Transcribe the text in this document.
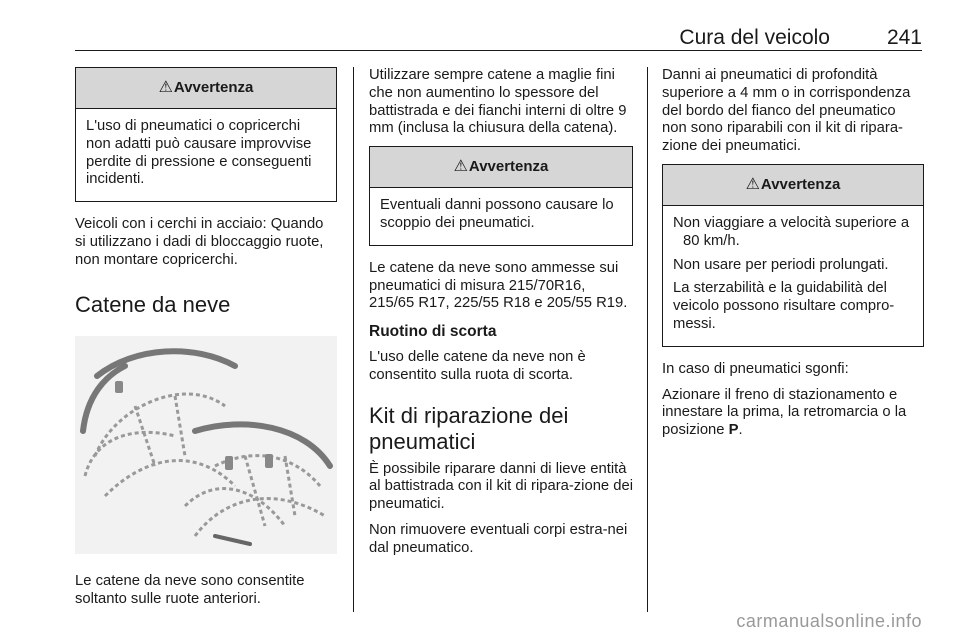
Cura del veicolo	241
⚠ Avvertenza

L'uso di pneumatici o copricerchi non adatti può causare improvvise perdite di pressione e conseguenti incidenti.

Veicoli con i cerchi in acciaio: Quando si utilizzano i dadi di bloccaggio ruote, non montare copricerchi.

Catene da neve

Le catene da neve sono consentite soltanto sulle ruote anteriori.

Utilizzare sempre catene a maglie fini che non aumentino lo spessore del battistrada e dei fianchi interni di oltre 9 mm (inclusa la chiusura della catena).

⚠ Avvertenza

Eventuali danni possono causare lo scoppio dei pneumatici.

Le catene da neve sono ammesse sui pneumatici di misura 215/70R16, 215/65 R17, 225/55 R18 e 205/55 R19.

Ruotino di scorta

L'uso delle catene da neve non è consentito sulla ruota di scorta.

Kit di riparazione dei
pneumatici

È possibile riparare danni di lieve entità al battistrada con il kit di ripara-zione dei pneumatici.

Non rimuovere eventuali corpi estra-nei dal pneumatico.

Danni ai pneumatici di profondità superiore a 4 mm o in corrispondenza del bordo del fianco del pneumatico non sono riparabili con il kit di ripara-zione dei pneumatici.

⚠ Avvertenza

Non viaggiare a velocità superiore a 80 km/h.

Non usare per periodi prolungati.

La sterzabilità e la guidabilità del veicolo possono risultare compro-messi.

In caso di pneumatici sgonfi:

Azionare il freno di stazionamento e innestare la prima, la retromarcia o la posizione P.

carmanualsonline.info
